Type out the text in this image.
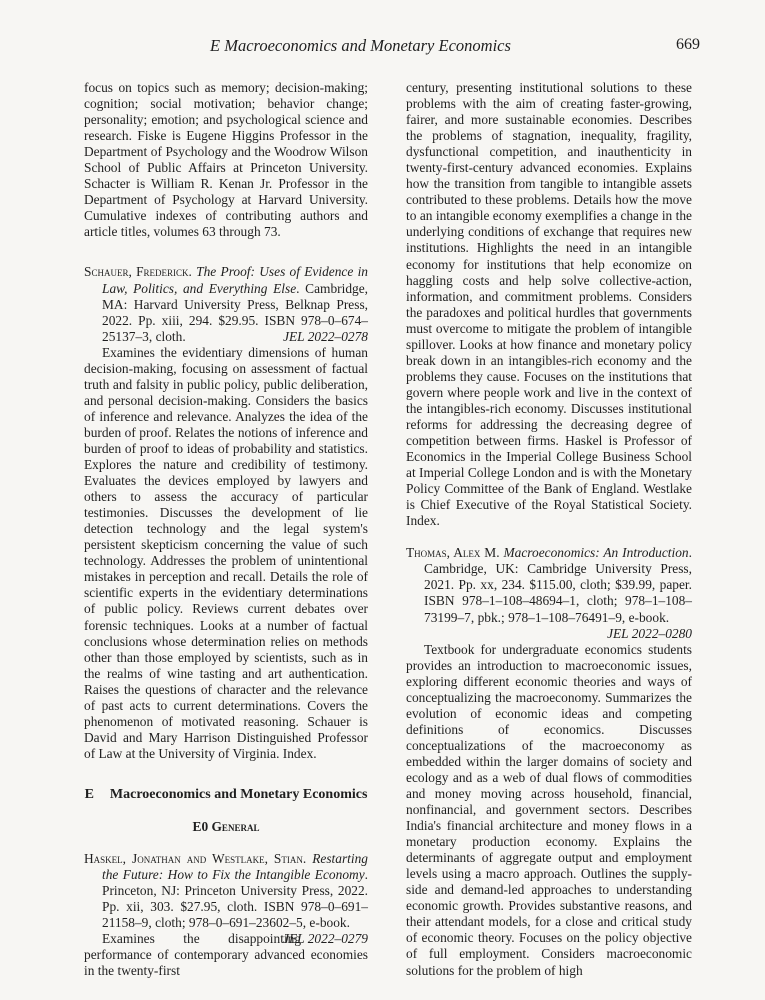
E Macroeconomics and Monetary Economics	669

focus on topics such as memory; decision-making; cognition; social motivation; behavior change; personality; emotion; and psychological science and research. Fiske is Eugene Higgins Professor in the Department of Psychology and the Woodrow Wilson School of Public Affairs at Princeton University. Schacter is William R. Kenan Jr. Professor in the Department of Psychology at Harvard University. Cumulative indexes of contributing authors and article titles, volumes 63 through 73.

Schauer, Frederick. The Proof: Uses of Evidence in Law, Politics, and Everything Else. Cambridge, MA: Harvard University Press, Belknap Press, 2022. Pp. xiii, 294. $29.95. ISBN 978–0–674–25137–3, cloth.	JEL 2022–0278

Examines the evidentiary dimensions of human decision-making, focusing on assessment of factual truth and falsity in public policy, public deliberation, and personal decision-making. Considers the basics of inference and relevance. Analyzes the idea of the burden of proof. Relates the notions of inference and burden of proof to ideas of probability and statistics. Explores the nature and credibility of testimony. Evaluates the devices employed by lawyers and others to assess the accuracy of particular testimonies. Discusses the development of lie detection technology and the legal system's persistent skepticism concerning the value of such technology. Addresses the problem of unintentional mistakes in perception and recall. Details the role of scientific experts in the evidentiary determinations of public policy. Reviews current debates over forensic techniques. Looks at a number of factual conclusions whose determination relies on methods other than those employed by scientists, such as in the realms of wine tasting and art authentication. Raises the questions of character and the relevance of past acts to current determinations. Covers the phenomenon of motivated reasoning. Schauer is David and Mary Harrison Distinguished Professor of Law at the University of Virginia. Index.

E Macroeconomics and Monetary Economics
E0 General
Haskel, Jonathan and Westlake, Stian. Restarting the Future: How to Fix the Intangible Economy. Princeton, NJ: Princeton University Press, 2022. Pp. xii, 303. $27.95, cloth. ISBN 978–0–691–21158–9, cloth; 978–0–691–23602–5, e-book.
JEL 2022–0279

Examines the disappointing performance of contemporary advanced economies in the twenty-first

century, presenting institutional solutions to these problems with the aim of creating faster-growing, fairer, and more sustainable economies. Describes the problems of stagnation, inequality, fragility, dysfunctional competition, and inauthenticity in twenty-first-century advanced economies. Explains how the transition from tangible to intangible assets contributed to these problems. Details how the move to an intangible economy exemplifies a change in the underlying conditions of exchange that requires new institutions. Highlights the need in an intangible economy for institutions that help economize on haggling costs and help solve collective-action, information, and commitment problems. Considers the paradoxes and political hurdles that governments must overcome to mitigate the problem of intangible spillover. Looks at how finance and monetary policy break down in an intangibles-rich economy and the problems they cause. Focuses on the institutions that govern where people work and live in the context of the intangibles-rich economy. Discusses institutional reforms for addressing the decreasing degree of competition between firms. Haskel is Professor of Economics in the Imperial College Business School at Imperial College London and is with the Monetary Policy Committee of the Bank of England. Westlake is Chief Executive of the Royal Statistical Society. Index.

Thomas, Alex M. Macroeconomics: An Introduction. Cambridge, UK: Cambridge University Press, 2021. Pp. xx, 234. $115.00, cloth; $39.99, paper. ISBN 978–1–108–48694–1, cloth; 978–1–108–73199–7, pbk.; 978–1–108–76491–9, e-book.
JEL 2022–0280

Textbook for undergraduate economics students provides an introduction to macroeconomic issues, exploring different economic theories and ways of conceptualizing the macroeconomy. Summarizes the evolution of economic ideas and competing definitions of economics. Discusses conceptualizations of the macroeconomy as embedded within the larger domains of society and ecology and as a web of dual flows of commodities and money moving across household, financial, nonfinancial, and government sectors. Describes India's financial architecture and money flows in a monetary production economy. Explains the determinants of aggregate output and employment levels using a macro approach. Outlines the supply-side and demand-led approaches to understanding economic growth. Provides substantive reasons, and their attendant models, for a close and critical study of economic theory. Focuses on the policy objective of full employment. Considers macroeconomic solutions for the problem of high
